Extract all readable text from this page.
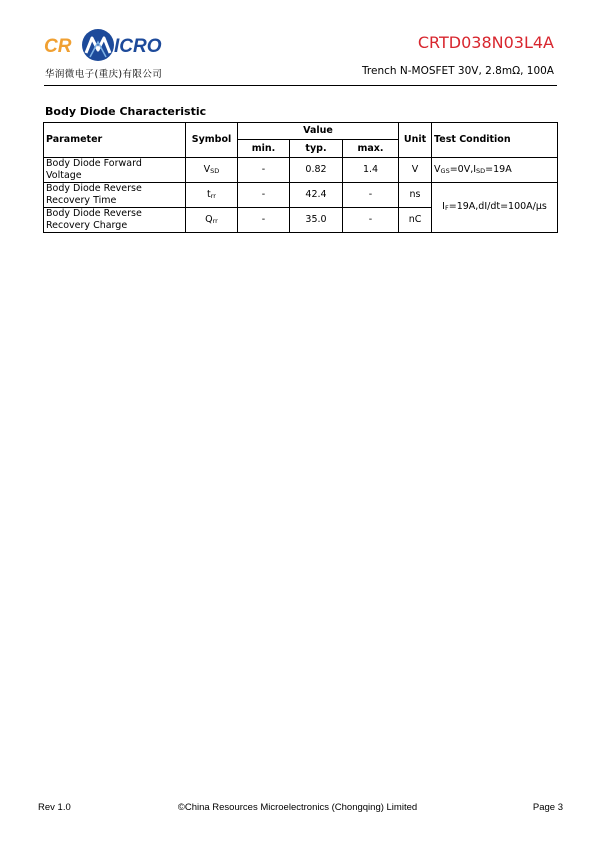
CR ICRO
华润微电子(重庆)有限公司
CRTD038N03L4A
Trench N-MOSFET 30V, 2.8mΩ, 100A
Body Diode Characteristic
Parameter	Symbol	Value			Unit	Test Condition
		min.	typ.	max.		
Body Diode Forward
Voltage	$V_{SD}$	-	0.82	1.4	V	$V_{GS}=0V,I_{SD}=19A$
Body Diode Reverse
Recovery Time	$t_{rr}$	-	42.4	-	ns	$I_F=19A,dI/dt=100A/\mu s$
Body Diode Reverse
Recovery Charge	$Q_{rr}$	-	35.0	-	nC	
Rev 1.0	©China Resources Microelectronics (Chongqing) Limited	Page 3
